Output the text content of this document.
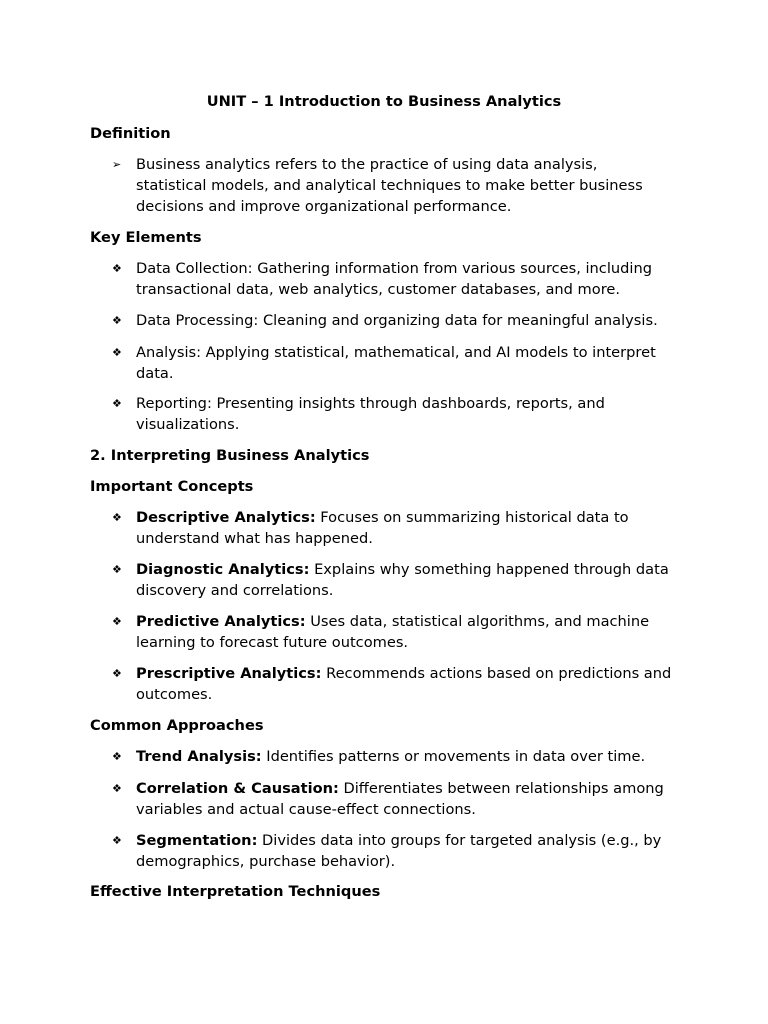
UNIT – 1 Introduction to Business Analytics
Definition
➢	Business analytics refers to the practice of using data analysis, statistical models, and analytical techniques to make better business decisions and improve organizational performance.
Key Elements
❖ Data Collection: Gathering information from various sources, including transactional data, web analytics, customer databases, and more.
❖ Data Processing: Cleaning and organizing data for meaningful analysis.
❖ Analysis: Applying statistical, mathematical, and AI models to interpret data.
❖ Reporting: Presenting insights through dashboards, reports, and visualizations.
2. Interpreting Business Analytics
Important Concepts
❖ Descriptive Analytics: Focuses on summarizing historical data to understand what has happened.
❖ Diagnostic Analytics: Explains why something happened through data discovery and correlations.
❖ Predictive Analytics: Uses data, statistical algorithms, and machine learning to forecast future outcomes.
❖ Prescriptive Analytics: Recommends actions based on predictions and outcomes.
Common Approaches
❖ Trend Analysis: Identifies patterns or movements in data over time.
❖ Correlation & Causation: Differentiates between relationships among variables and actual cause-effect connections.
❖ Segmentation: Divides data into groups for targeted analysis (e.g., by demographics, purchase behavior).
Effective Interpretation Techniques
